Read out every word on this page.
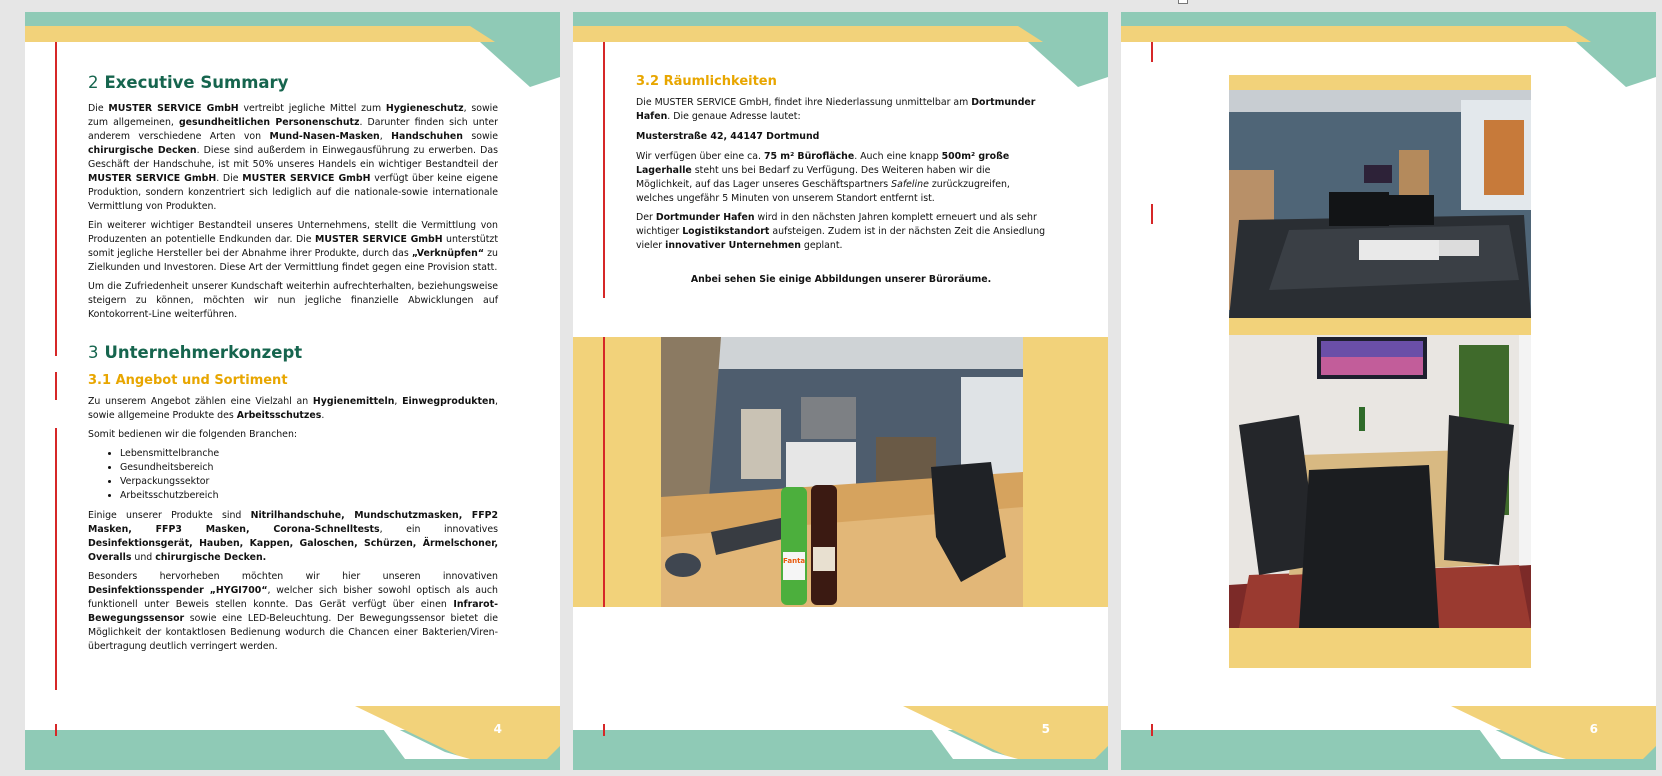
2 Executive Summary

Die MUSTER SERVICE GmbH vertreibt jegliche Mittel zum Hygieneschutz, sowie zum allgemeinen, gesundheitlichen Personenschutz. Darunter finden sich unter anderem verschiedene Arten von Mund-Nasen-Masken, Handschuhen sowie chirurgische Decken. Diese sind außerdem in Einwegausführung zu erwerben. Das Geschäft der Handschuhe, ist mit 50% unseres Handels ein wichtiger Bestandteil der MUSTER SERVICE GmbH. Die MUSTER SERVICE GmbH verfügt über keine eigene Produktion, sondern konzentriert sich lediglich auf die nationale-sowie internationale Vermittlung von Produkten.

Ein weiterer wichtiger Bestandteil unseres Unternehmens, stellt die Vermittlung von Produzenten an potentielle Endkunden dar. Die MUSTER SERVICE GmbH unterstützt somit jegliche Hersteller bei der Abnahme ihrer Produkte, durch das „Verknüpfen“ zu Zielkunden und Investoren. Diese Art der Vermittlung findet gegen eine Provision statt.

Um die Zufriedenheit unserer Kundschaft weiterhin aufrechterhalten, beziehungsweise steigern zu können, möchten wir nun jegliche finanzielle Abwicklungen auf Kontokorrent-Line weiterführen.

3 Unternehmerkonzept
3.1 Angebot und Sortiment

Zu unserem Angebot zählen eine Vielzahl an Hygienemitteln, Einwegprodukten, sowie allgemeine Produkte des Arbeitsschutzes.

Somit bedienen wir die folgenden Branchen:

• Lebensmittelbranche
• Gesundheitsbereich
• Verpackungssektor
• Arbeitsschutzbereich

Einige unserer Produkte sind Nitrilhandschuhe, Mundschutzmasken, FFP2 Masken, FFP3 Masken, Corona-Schnelltests, ein innovatives Desinfektionsgerät, Hauben, Kappen, Galoschen, Schürzen, Ärmelschoner, Overalls und chirurgische Decken.

Besonders hervorheben möchten wir hier unseren innovativen Desinfektionsspender „HYGI700“, welcher sich bisher sowohl optisch als auch funktionell unter Beweis stellen konnte. Das Gerät verfügt über einen Infrarot-Bewegungssensor sowie eine LED-Beleuchtung. Der Bewegungssensor bietet die Möglichkeit der kontaktlosen Bedienung wodurch die Chancen einer Bakterien/Viren-übertragung deutlich verringert werden.

4
3.2 Räumlichkeiten

Die MUSTER SERVICE GmbH, findet ihre Niederlassung unmittelbar am Dortmunder Hafen. Die genaue Adresse lautet:

Musterstraße 42, 44147 Dortmund

Wir verfügen über eine ca. 75 m² Bürofläche. Auch eine knapp 500m² große Lagerhalle steht uns bei Bedarf zu Verfügung. Des Weiteren haben wir die Möglichkeit, auf das Lager unseres Geschäftspartners Safeline zurückzugreifen, welches ungefähr 5 Minuten von unserem Standort entfernt ist.

Der Dortmunder Hafen wird in den nächsten Jahren komplett erneuert und als sehr wichtiger Logistikstandort aufsteigen. Zudem ist in der nächsten Zeit die Ansiedlung vieler innovativer Unternehmen geplant.

Anbei sehen Sie einige Abbildungen unserer Büroräume.

Fanta
5	6
